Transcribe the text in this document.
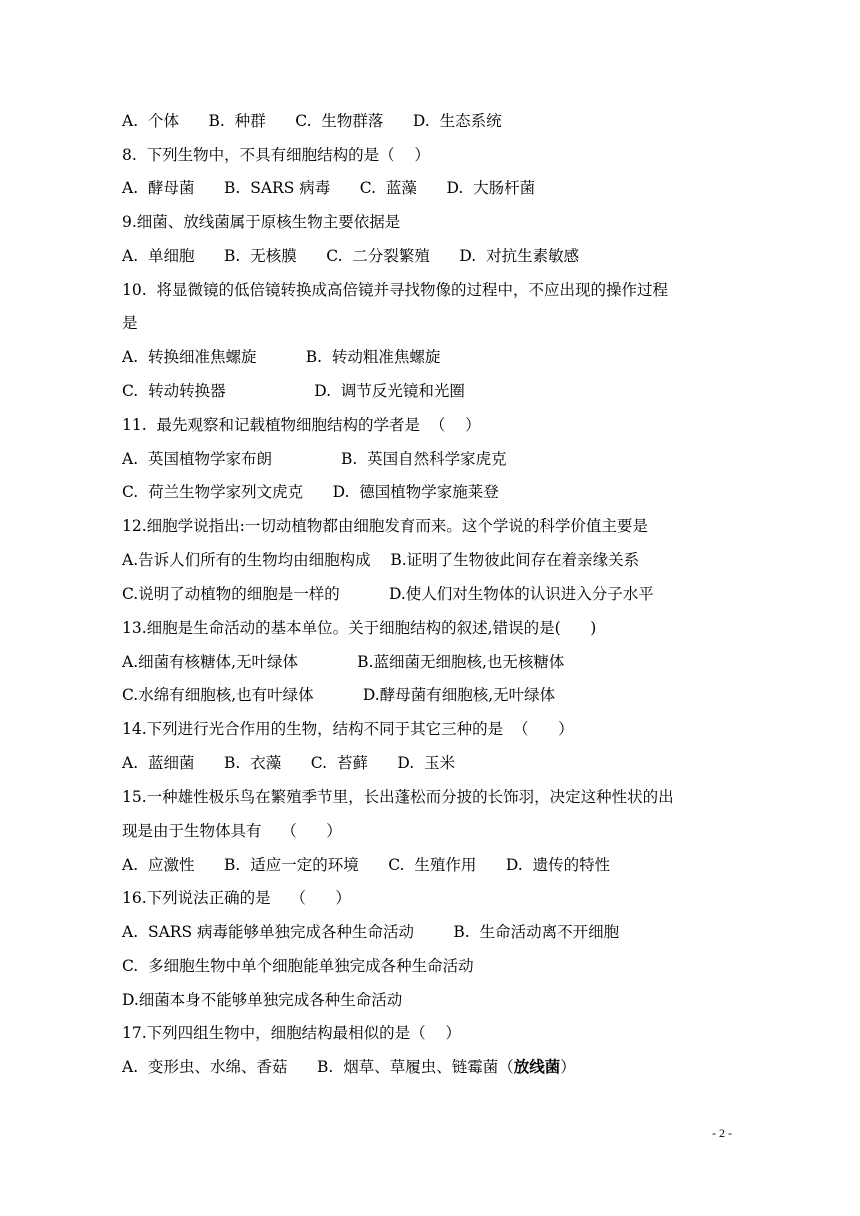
A.  个体      B.  种群      C.  生物群落      D.  生态系统
8.  下列生物中，不具有细胞结构的是（    ）
A.  酵母菌      B.  SARS 病毒      C.  蓝藻      D.  大肠杆菌
9.细菌、放线菌属于原核生物主要依据是
A.  单细胞      B.  无核膜      C.  二分裂繁殖      D.  对抗生素敏感
10.  将显微镜的低倍镜转换成高倍镜并寻找物像的过程中，不应出现的操作过程
是
A.  转换细准焦螺旋          B.  转动粗准焦螺旋
C.  转动转换器                  D.  调节反光镜和光圈
11.  最先观察和记载植物细胞结构的学者是  （    ）
A.  英国植物学家布朗              B.  英国自然科学家虎克
C.  荷兰生物学家列文虎克      D.  德国植物学家施莱登
12.细胞学说指出:一切动植物都由细胞发育而来。这个学说的科学价值主要是
A.告诉人们所有的生物均由细胞构成    B.证明了生物彼此间存在着亲缘关系
C.说明了动植物的细胞是一样的          D.使人们对生物体的认识进入分子水平
13.细胞是生命活动的基本单位。关于细胞结构的叙述,错误的是(      )
A.细菌有核糖体,无叶绿体            B.蓝细菌无细胞核,也无核糖体
C.水绵有细胞核,也有叶绿体          D.酵母菌有细胞核,无叶绿体
14.下列进行光合作用的生物，结构不同于其它三种的是  （      ）
A.  蓝细菌      B.  衣藻      C.  苔藓      D.  玉米
15.一种雄性极乐鸟在繁殖季节里，长出蓬松而分披的长饰羽，决定这种性状的出
现是由于生物体具有    （      ）
A.  应激性      B.  适应一定的环境      C.  生殖作用      D.  遗传的特性
16.下列说法正确的是    （      ）
A.  SARS 病毒能够单独完成各种生命活动        B.  生命活动离不开细胞
C.  多细胞生物中单个细胞能单独完成各种生命活动
D.细菌本身不能够单独完成各种生命活动
17.下列四组生物中，细胞结构最相似的是（    ）
A.  变形虫、水绵、香菇      B.  烟草、草履虫、链霉菌（放线菌）
- 2 -
